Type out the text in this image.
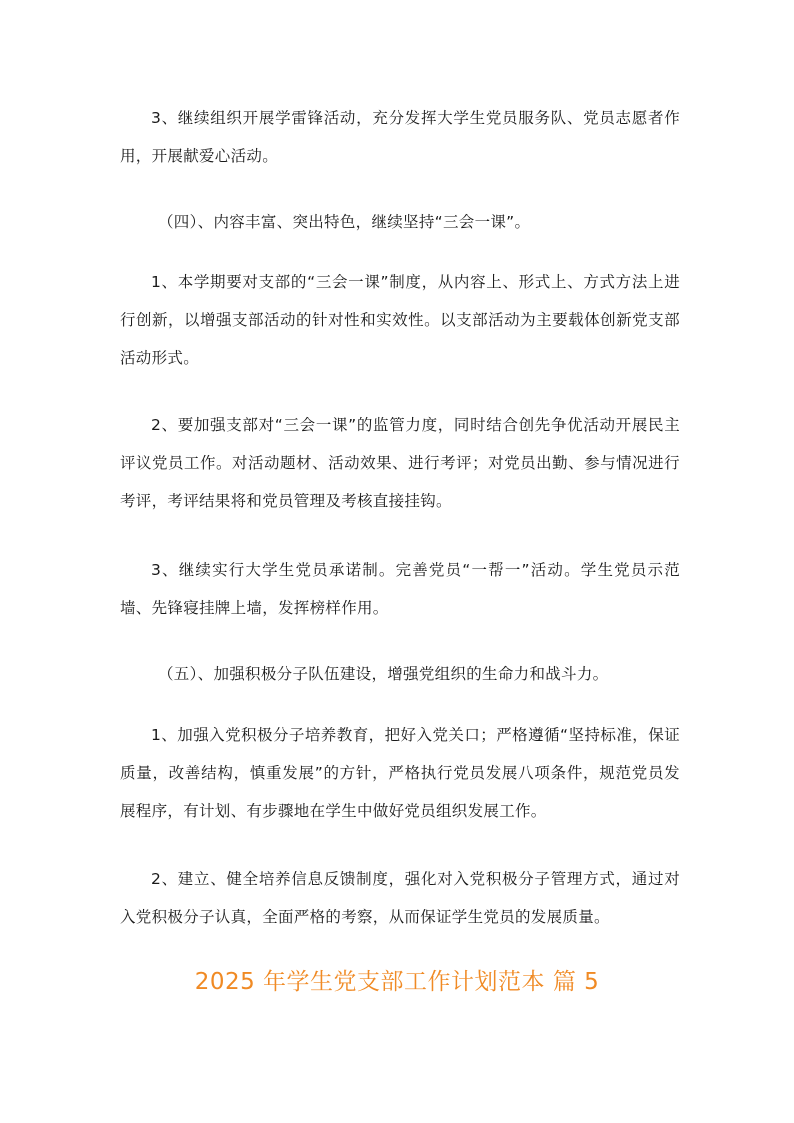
3、继续组织开展学雷锋活动，充分发挥大学生党员服务队、党员志愿者作用，开展献爱心活动。

（四）、内容丰富、突出特色，继续坚持“三会一课”。

1、本学期要对支部的“三会一课”制度，从内容上、形式上、方式方法上进行创新，以增强支部活动的针对性和实效性。以支部活动为主要载体创新党支部活动形式。

2、要加强支部对“三会一课”的监管力度，同时结合创先争优活动开展民主评议党员工作。对活动题材、活动效果、进行考评；对党员出勤、参与情况进行考评，考评结果将和党员管理及考核直接挂钩。

3、继续实行大学生党员承诺制。完善党员“一帮一”活动。学生党员示范墙、先锋寝挂牌上墙，发挥榜样作用。

（五）、加强积极分子队伍建设，增强党组织的生命力和战斗力。

1、加强入党积极分子培养教育，把好入党关口；严格遵循“坚持标准，保证质量，改善结构，慎重发展”的方针，严格执行党员发展八项条件，规范党员发展程序，有计划、有步骤地在学生中做好党员组织发展工作。

2、建立、健全培养信息反馈制度，强化对入党积极分子管理方式，通过对入党积极分子认真，全面严格的考察，从而保证学生党员的发展质量。

2025 年学生党支部工作计划范本 篇 5
